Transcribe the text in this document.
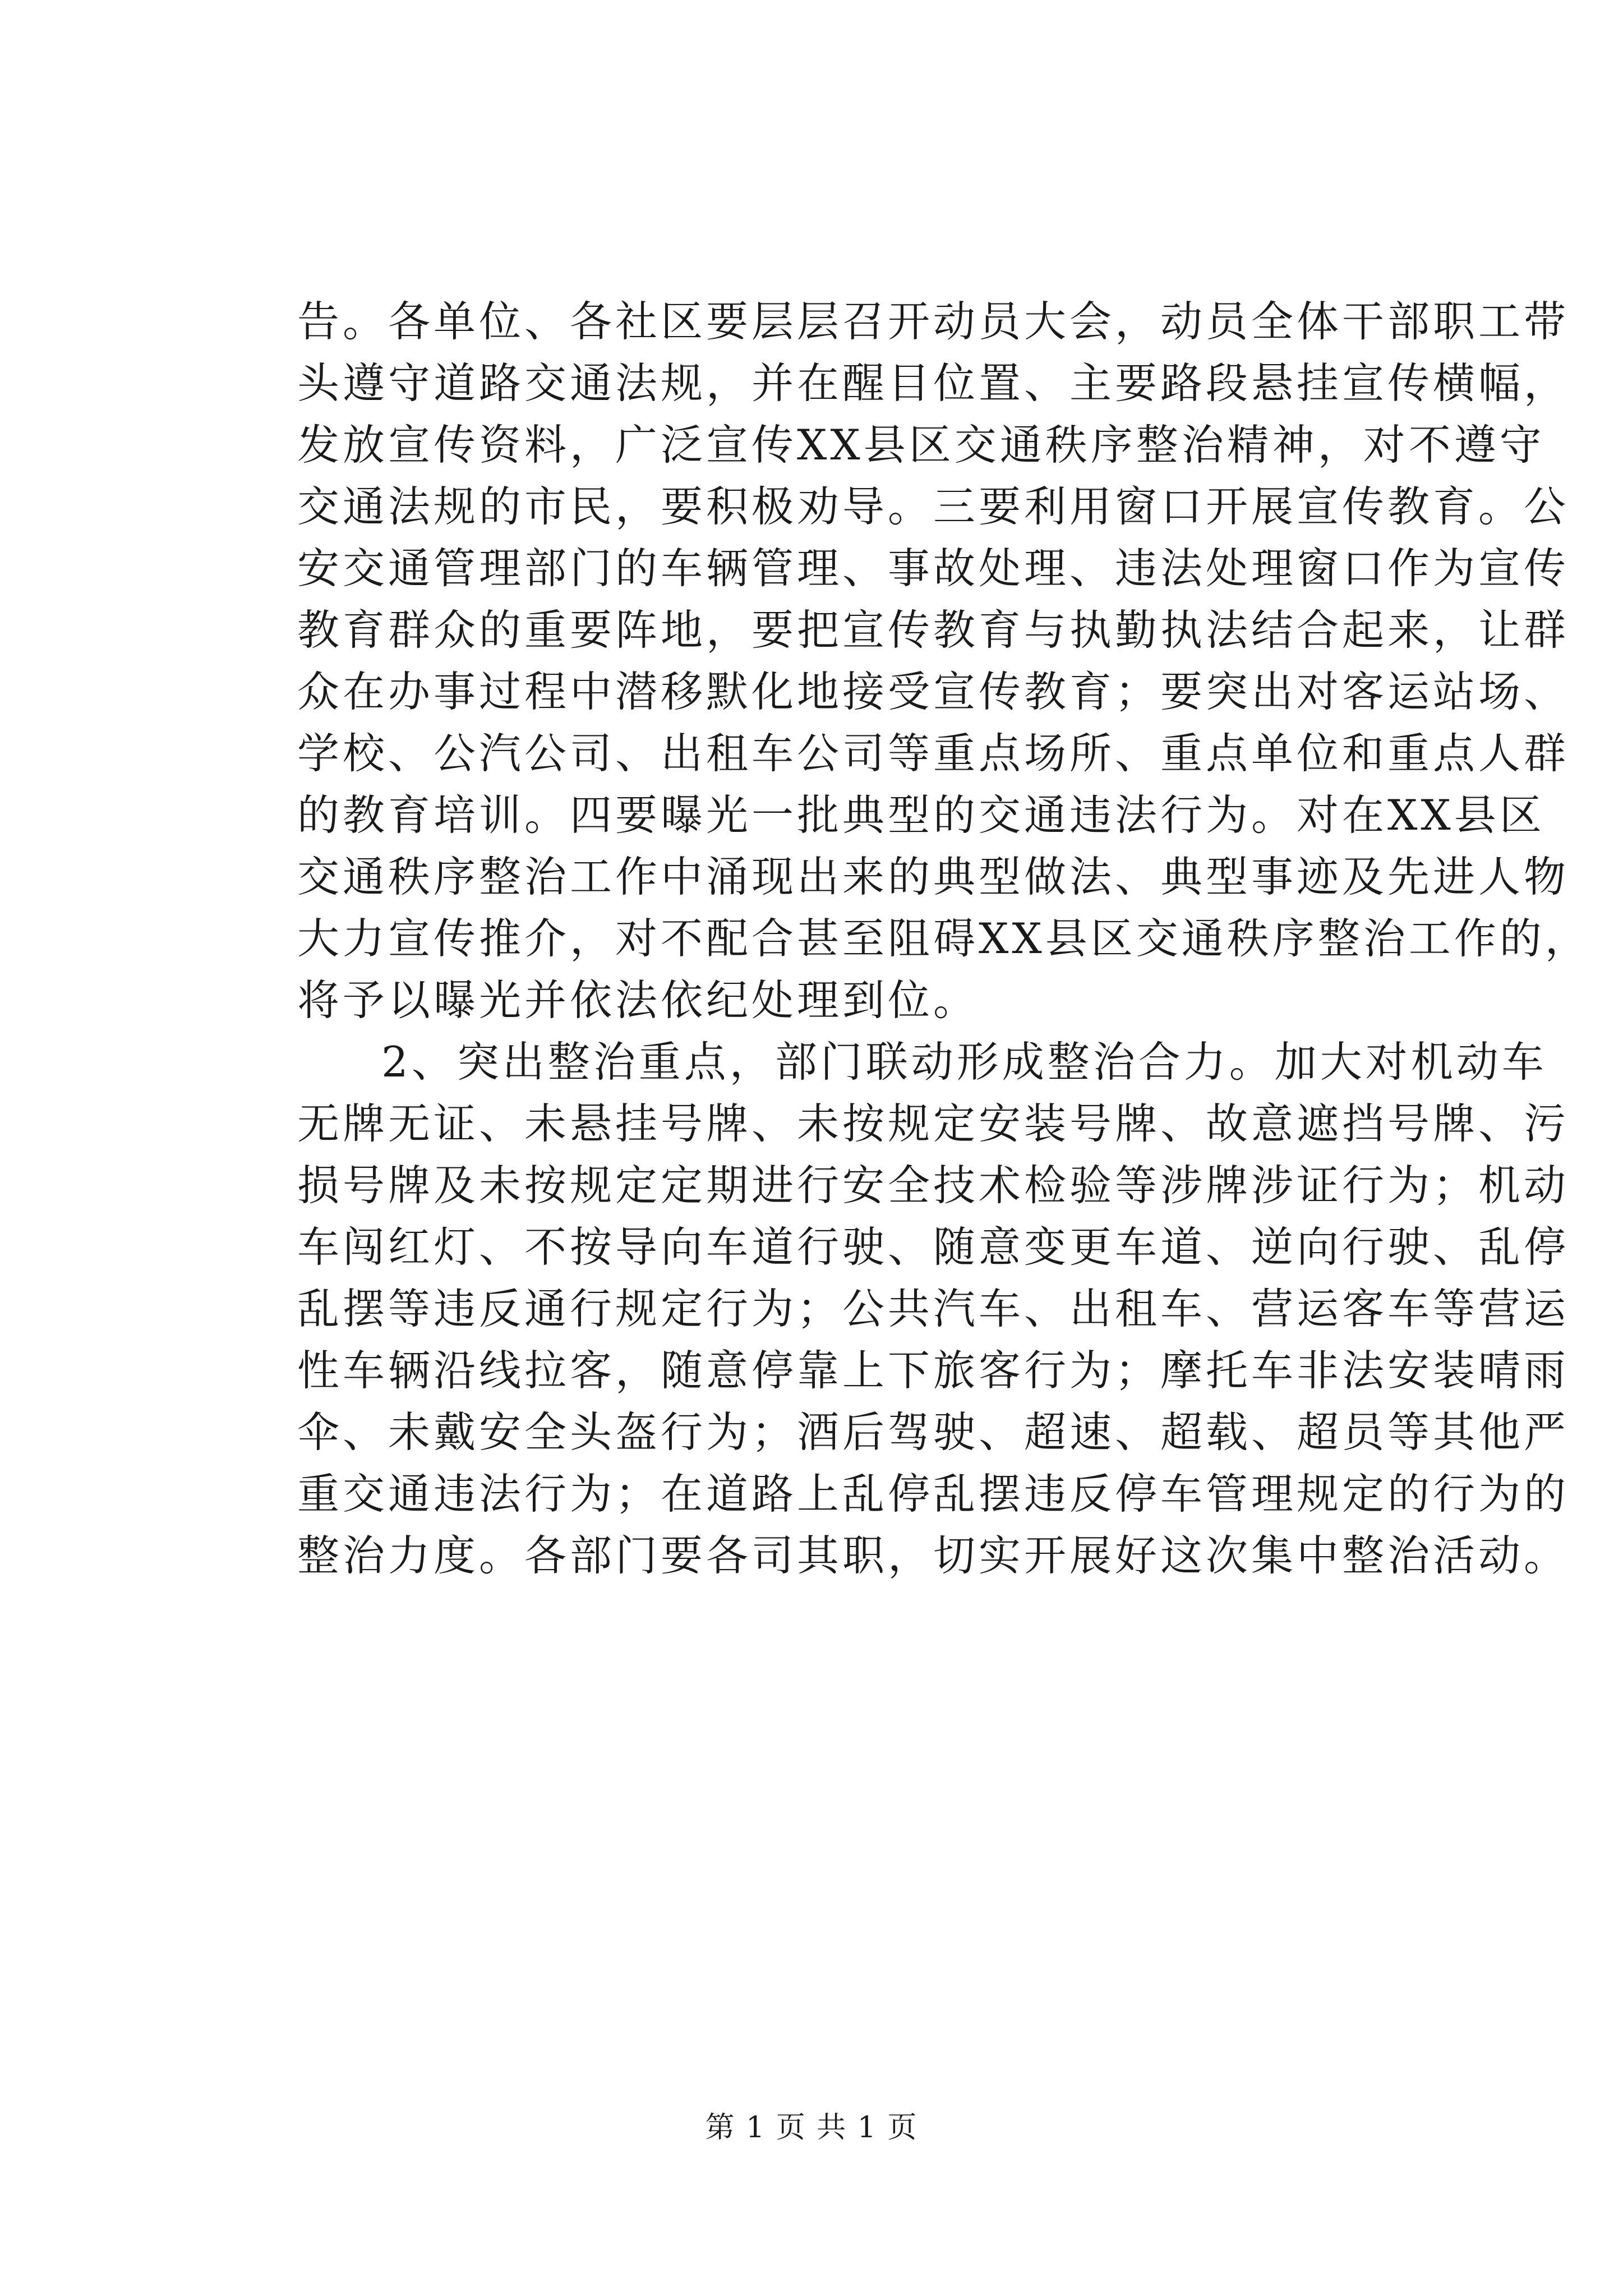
告。各单位、各社区要层层召开动员大会，动员全体干部职工带
头遵守道路交通法规，并在醒目位置、主要路段悬挂宣传横幅，
发放宣传资料，广泛宣传XX县区交通秩序整治精神，对不遵守
交通法规的市民，要积极劝导。三要利用窗口开展宣传教育。公
安交通管理部门的车辆管理、事故处理、违法处理窗口作为宣传
教育群众的重要阵地，要把宣传教育与执勤执法结合起来，让群
众在办事过程中潜移默化地接受宣传教育；要突出对客运站场、
学校、公汽公司、出租车公司等重点场所、重点单位和重点人群
的教育培训。四要曝光一批典型的交通违法行为。对在XX县区
交通秩序整治工作中涌现出来的典型做法、典型事迹及先进人物
大力宣传推介，对不配合甚至阻碍XX县区交通秩序整治工作的，
将予以曝光并依法依纪处理到位。
2、突出整治重点，部门联动形成整治合力。加大对机动车
无牌无证、未悬挂号牌、未按规定安装号牌、故意遮挡号牌、污
损号牌及未按规定定期进行安全技术检验等涉牌涉证行为；机动
车闯红灯、不按导向车道行驶、随意变更车道、逆向行驶、乱停
乱摆等违反通行规定行为；公共汽车、出租车、营运客车等营运
性车辆沿线拉客，随意停靠上下旅客行为；摩托车非法安装晴雨
伞、未戴安全头盔行为；酒后驾驶、超速、超载、超员等其他严
重交通违法行为；在道路上乱停乱摆违反停车管理规定的行为的
整治力度。各部门要各司其职，切实开展好这次集中整治活动。
第 1 页 共 1 页
